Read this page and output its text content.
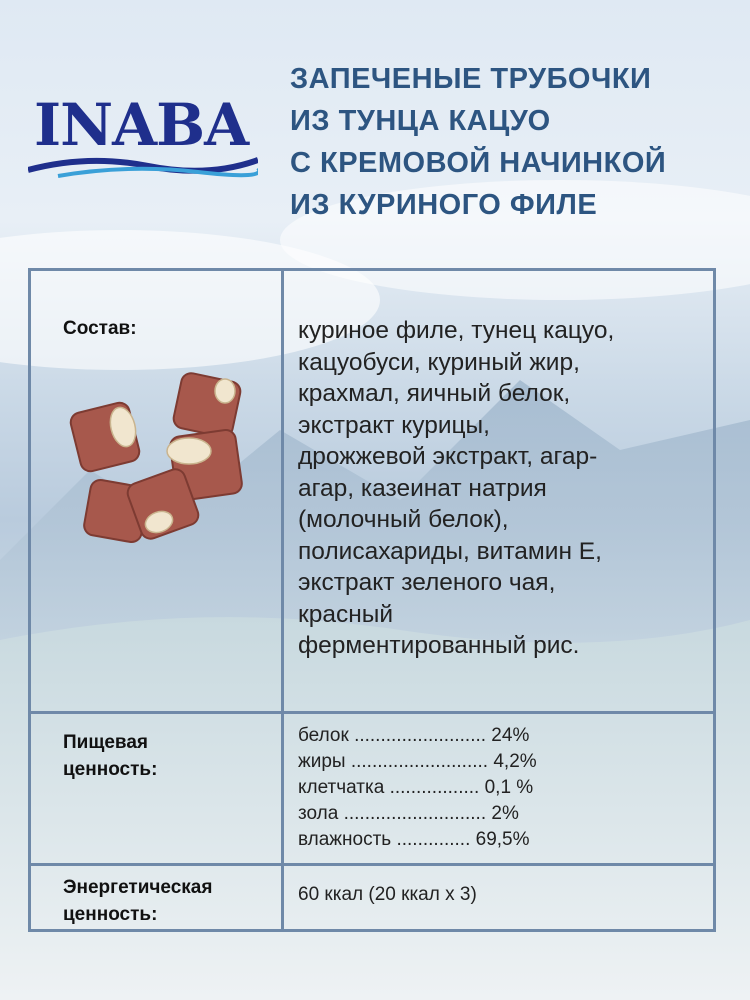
INABA
ЗАПЕЧЕНЫЕ ТРУБОЧКИ
ИЗ ТУНЦА КАЦУО
С КРЕМОВОЙ НАЧИНКОЙ
ИЗ КУРИНОГО ФИЛЕ
Состав:	куриное филе, тунец кацуо,
кацуобуси, куриный жир,
крахмал, яичный белок,
экстракт курицы,
дрожжевой экстракт, агар-
агар, казеинат натрия
(молочный белок),
полисахариды, витамин Е,
экстракт зеленого чая,
красный
ферментированный рис.
Пищевая
ценность:
белок ......................... 24%
жиры .......................... 4,2%
клетчатка ................. 0,1 %
зола ........................... 2%
влажность .............. 69,5%
Энергетическая
ценность:
60 ккал (20 ккал х 3)
